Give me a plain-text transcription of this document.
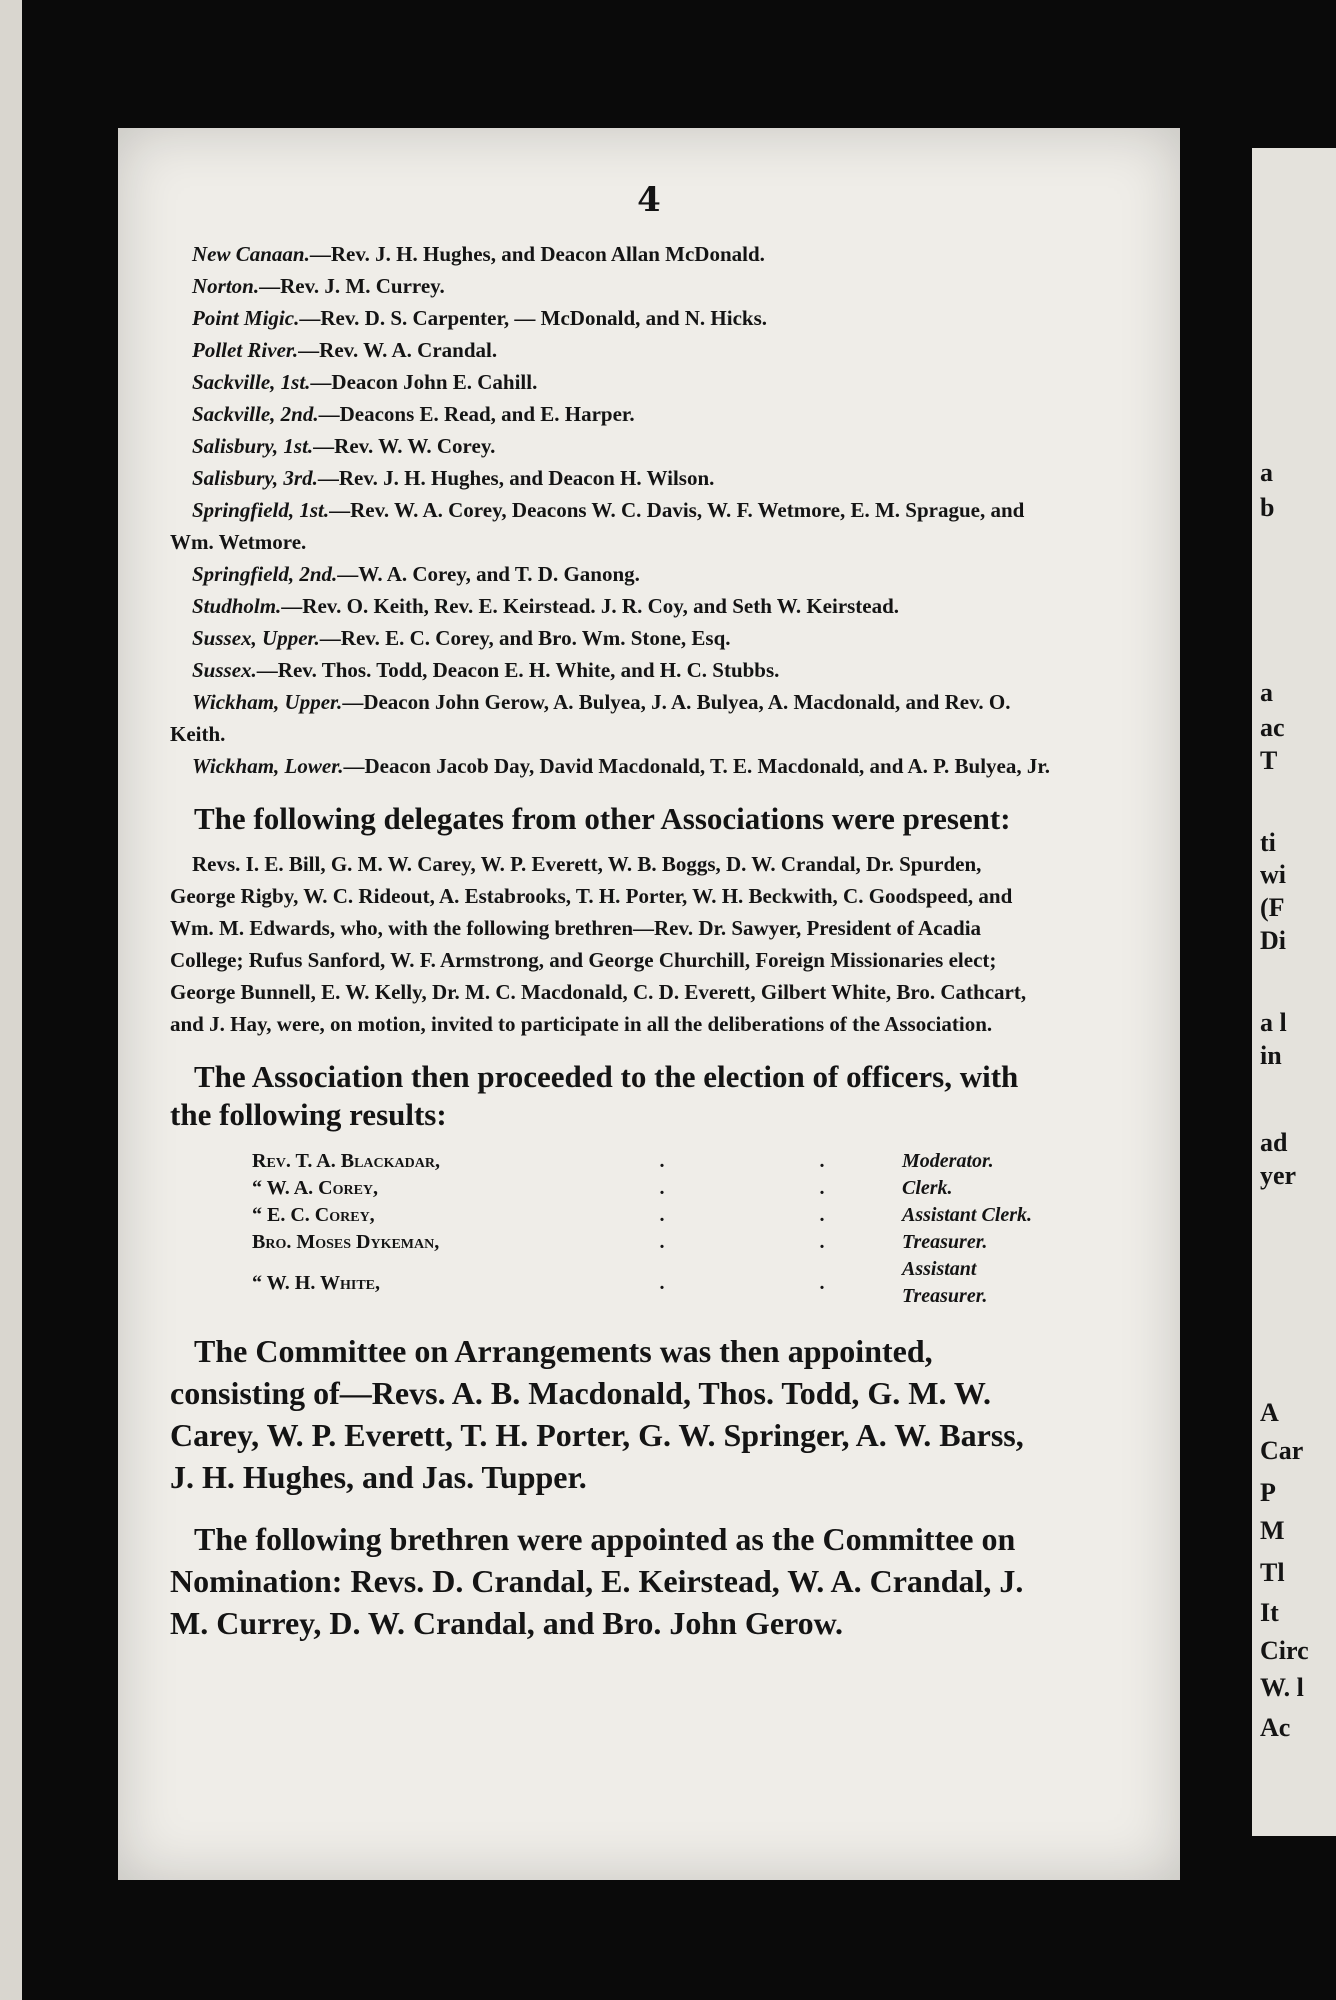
4

New Canaan.—Rev. J. H. Hughes, and Deacon Allan McDonald.

Norton.—Rev. J. M. Currey.

Point Migic.—Rev. D. S. Carpenter, — McDonald, and N. Hicks.

Pollet River.—Rev. W. A. Crandal.

Sackville, 1st.—Deacon John E. Cahill.

Sackville, 2nd.—Deacons E. Read, and E. Harper.

Salisbury, 1st.—Rev. W. W. Corey.

Salisbury, 3rd.—Rev. J. H. Hughes, and Deacon H. Wilson.

Springfield, 1st.—Rev. W. A. Corey, Deacons W. C. Davis, W. F. Wetmore, E. M. Sprague, and Wm. Wetmore.

Springfield, 2nd.—W. A. Corey, and T. D. Ganong.

Studholm.—Rev. O. Keith, Rev. E. Keirstead. J. R. Coy, and Seth W. Keirstead.

Sussex, Upper.—Rev. E. C. Corey, and Bro. Wm. Stone, Esq.

Sussex.—Rev. Thos. Todd, Deacon E. H. White, and H. C. Stubbs.

Wickham, Upper.—Deacon John Gerow, A. Bulyea, J. A. Bulyea, A. Macdonald, and Rev. O. Keith.

Wickham, Lower.—Deacon Jacob Day, David Macdonald, T. E. Macdonald, and A. P. Bulyea, Jr.

The following delegates from other Associations were present:

Revs. I. E. Bill, G. M. W. Carey, W. P. Everett, W. B. Boggs, D. W. Crandal, Dr. Spurden, George Rigby, W. C. Rideout, A. Estabrooks, T. H. Porter, W. H. Beckwith, C. Goodspeed, and Wm. M. Edwards, who, with the following brethren—Rev. Dr. Sawyer, President of Acadia College; Rufus Sanford, W. F. Armstrong, and George Churchill, Foreign Missionaries elect; George Bunnell, E. W. Kelly, Dr. M. C. Macdonald, C. D. Everett, Gilbert White, Bro. Cathcart, and J. Hay, were, on motion, invited to participate in all the deliberations of the Association.

The Association then proceeded to the election of officers, with the following results:

Rev. T. A. Blackadar,	.	.	Moderator.
“ W. A. Corey,	.	.	Clerk.
“ E. C. Corey,	.	.	Assistant Clerk.
Bro. Moses Dykeman,	.	.	Treasurer.
“ W. H. White,	.	.	Assistant Treasurer.

The Committee on Arrangements was then appointed, consisting of—Revs. A. B. Macdonald, Thos. Todd, G. M. W. Carey, W. P. Everett, T. H. Porter, G. W. Springer, A. W. Barss, J. H. Hughes, and Jas. Tupper.

The following brethren were appointed as the Committee on Nomination: Revs. D. Crandal, E. Keirstead, W. A. Crandal, J. M. Currey, D. W. Crandal, and Bro. John Gerow.

a
b
a
ac
T
ti
wi
(F
Di
a l
in
ad
yer
A
Car
P
M
Tl
It
Circ
W. l
Ac
